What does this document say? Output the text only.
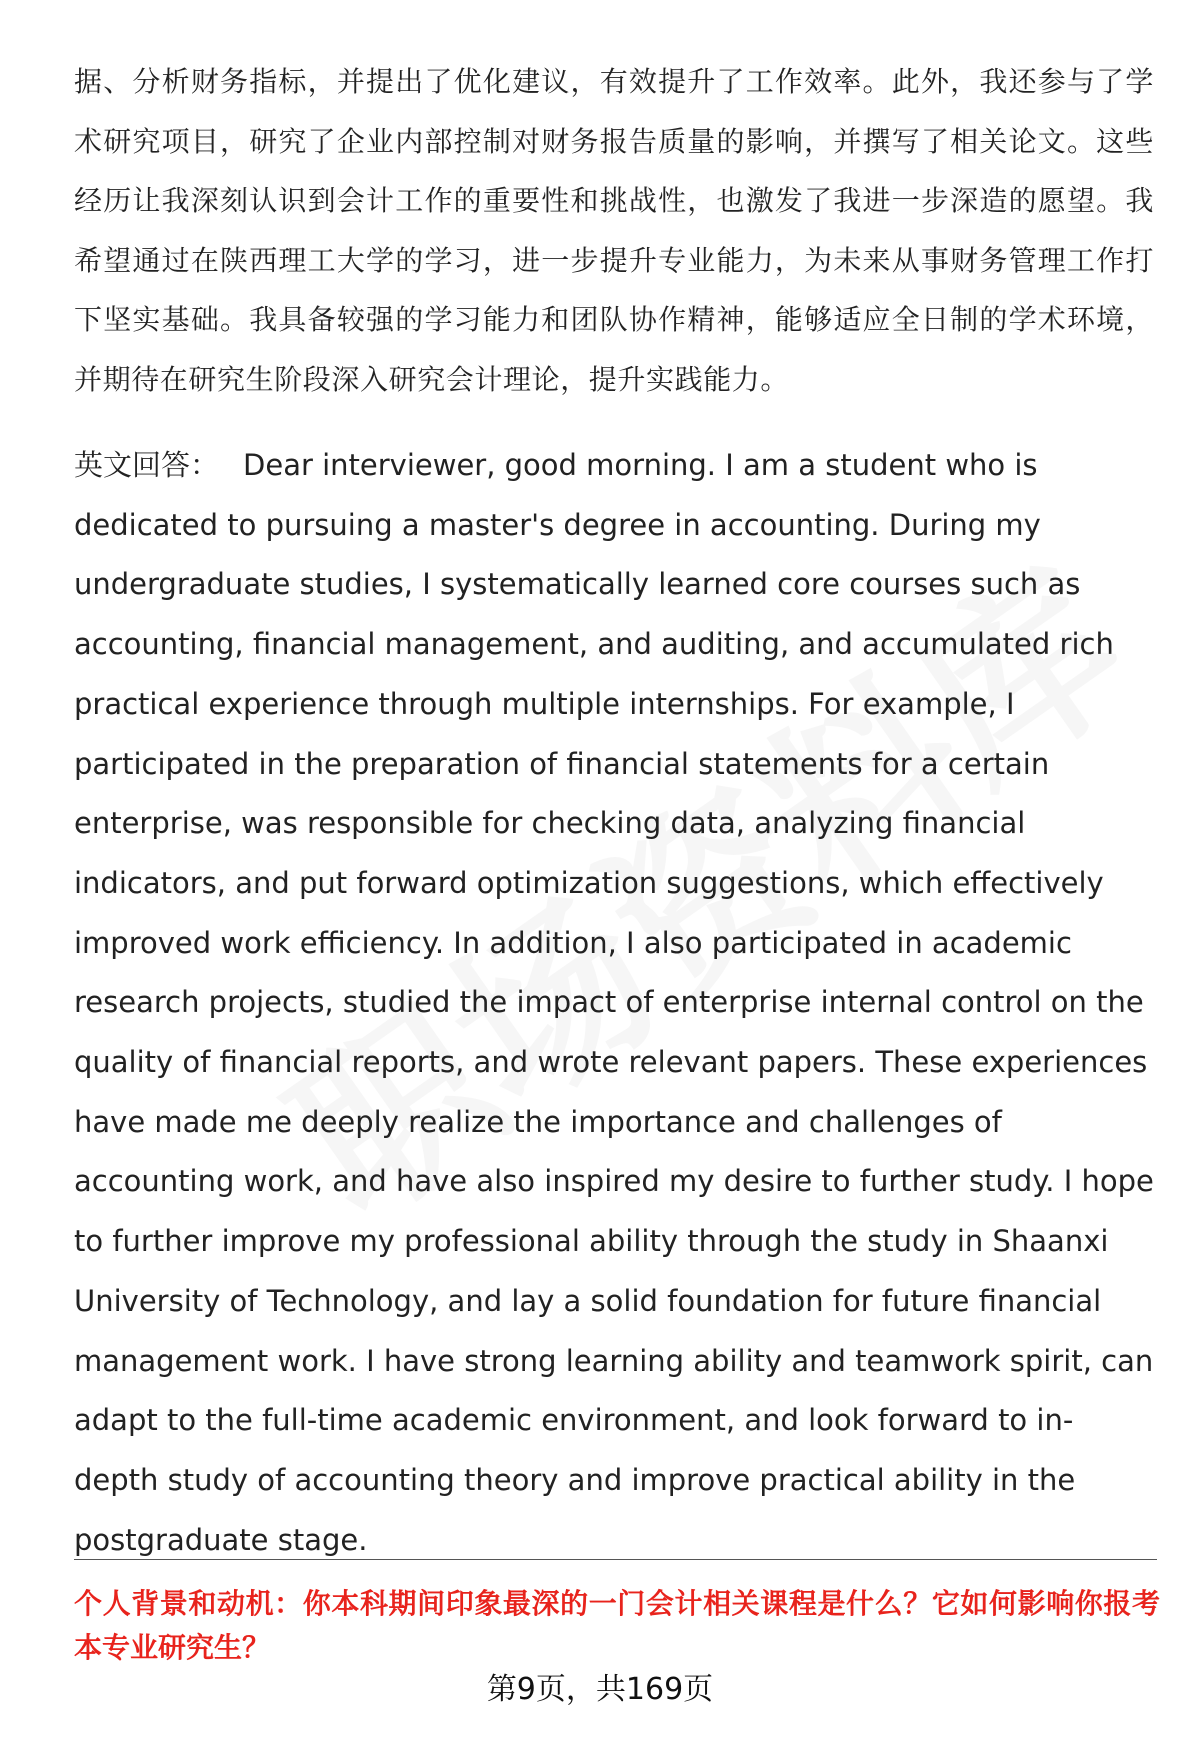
据、分析财务指标，并提出了优化建议，有效提升了工作效率。此外，我还参与了学术研究项目，研究了企业内部控制对财务报告质量的影响，并撰写了相关论文。这些经历让我深刻认识到会计工作的重要性和挑战性，也激发了我进一步深造的愿望。我希望通过在陕西理工大学的学习，进一步提升专业能力，为未来从事财务管理工作打下坚实基础。我具备较强的学习能力和团队协作精神，能够适应全日制的学术环境，并期待在研究生阶段深入研究会计理论，提升实践能力。

英文回答： Dear interviewer, good morning. I am a student who is dedicated to pursuing a master's degree in accounting. During my undergraduate studies, I systematically learned core courses such as accounting, financial management, and auditing, and accumulated rich practical experience through multiple internships. For example, I participated in the preparation of financial statements for a certain enterprise, was responsible for checking data, analyzing financial indicators, and put forward optimization suggestions, which effectively improved work efficiency. In addition, I also participated in academic research projects, studied the impact of enterprise internal control on the quality of financial reports, and wrote relevant papers. These experiences have made me deeply realize the importance and challenges of accounting work, and have also inspired my desire to further study. I hope to further improve my professional ability through the study in Shaanxi University of Technology, and lay a solid foundation for future financial management work. I have strong learning ability and teamwork spirit, can adapt to the full-time academic environment, and look forward to in-depth study of accounting theory and improve practical ability in the postgraduate stage.

个人背景和动机：你本科期间印象最深的一门会计相关课程是什么？它如何影响你报考本专业研究生？

第9页，共169页
